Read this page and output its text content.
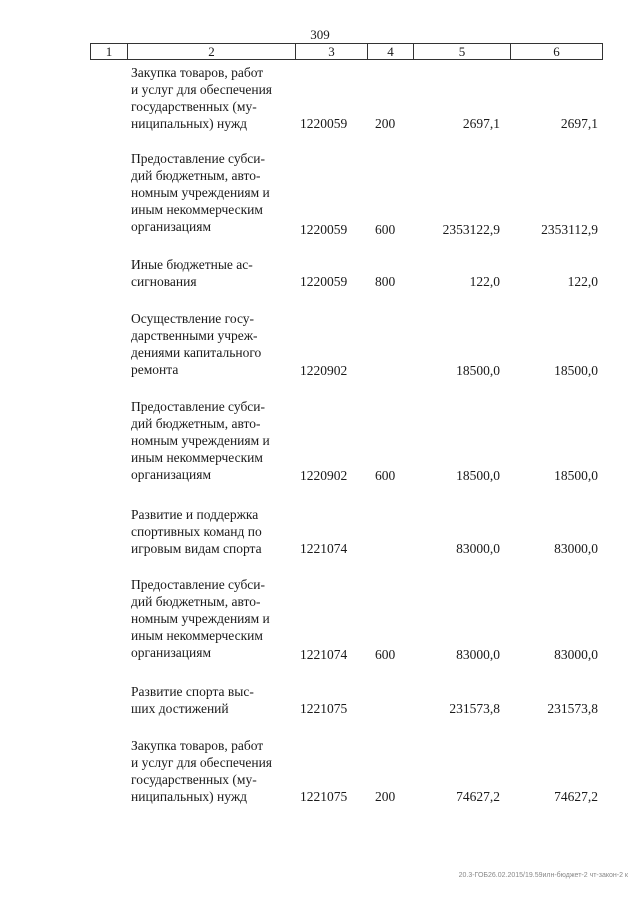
309
1	2	3	4	5	6
Закупка товаров, работ
и услуг для обеспечения
государственных (му-
ниципальных) нужд	1220059 200	2697,1	2697,1
Предоставление субси-
дий бюджетным, авто-
номным учреждениям и
иным некоммерческим
организациям	1220059 600	2353122,9	2353112,9
Иные бюджетные ас-
сигнования	1220059 800	122,0	122,0
Осуществление госу-
дарственными учреж-
дениями капитального
ремонта	1220902	18500,0	18500,0
Предоставление субси-
дий бюджетным, авто-
номным учреждениям и
иным некоммерческим
организациям	1220902 600	18500,0	18500,0
Развитие и поддержка
спортивных команд по
игровым видам спорта	1221074	83000,0	83000,0
Предоставление субси-
дий бюджетным, авто-
номным учреждениям и
иным некоммерческим
организациям	1221074 600	83000,0	83000,0
Развитие спорта выс-
ших достижений	1221075	231573,8	231573,8
Закупка товаров, работ
и услуг для обеспечения
государственных (му-
ниципальных) нужд	1221075 200	74627,2	74627,2
20.3-ГОБ26.02.2015/19.59илн-бюджет-2 чт-закон-2 к
